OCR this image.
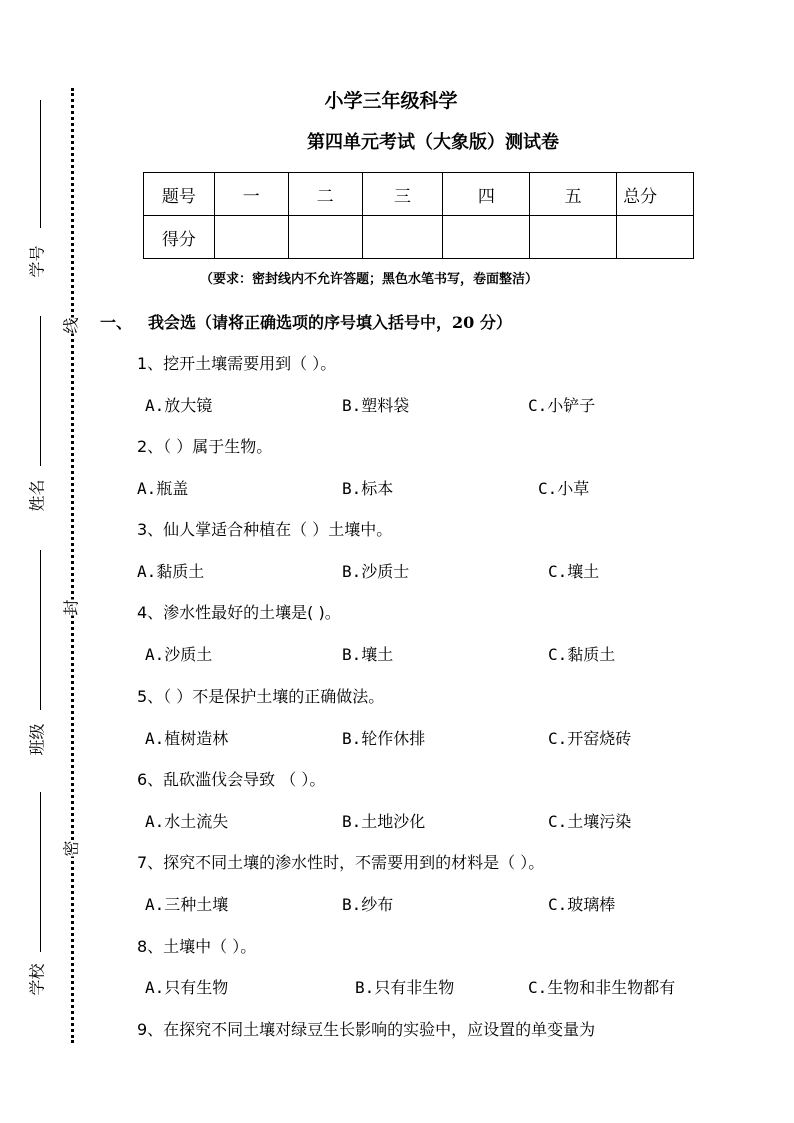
线
封
密
学号
姓名
班级
学校
小学三年级科学
第四单元考试（大象版）测试卷
题号	一	二	三	四	五	总分
得分						
（要求：密封线内不允许答题；黑色水笔书写，卷面整洁）
一、 我会选（请将正确选项的序号填入括号中，20 分）
1、挖开土壤需要用到（ ）。
A.放大镜	B.塑料袋	C.小铲子
2、（ ）属于生物。
A.瓶盖	B.标本	C.小草
3、仙人掌适合种植在（ ）土壤中。
A.黏质土	B.沙质士	C.壤土
4、渗水性最好的土壤是( )。
A.沙质土	B.壤土	C.黏质土
5、（ ）不是保护土壤的正确做法。
A.植树造林	B.轮作休排	C.开窑烧砖
6、乱砍滥伐会导致 （ ）。
A.水土流失	B.土地沙化	C.土壤污染
7、探究不同土壤的渗水性时，不需要用到的材料是（ ）。
A.三种土壤	B.纱布	C.玻璃棒
8、土壤中（ ）。
A.只有生物	B.只有非生物	C.生物和非生物都有
9、在探究不同土壤对绿豆生长影响的实验中，应设置的单变量为
